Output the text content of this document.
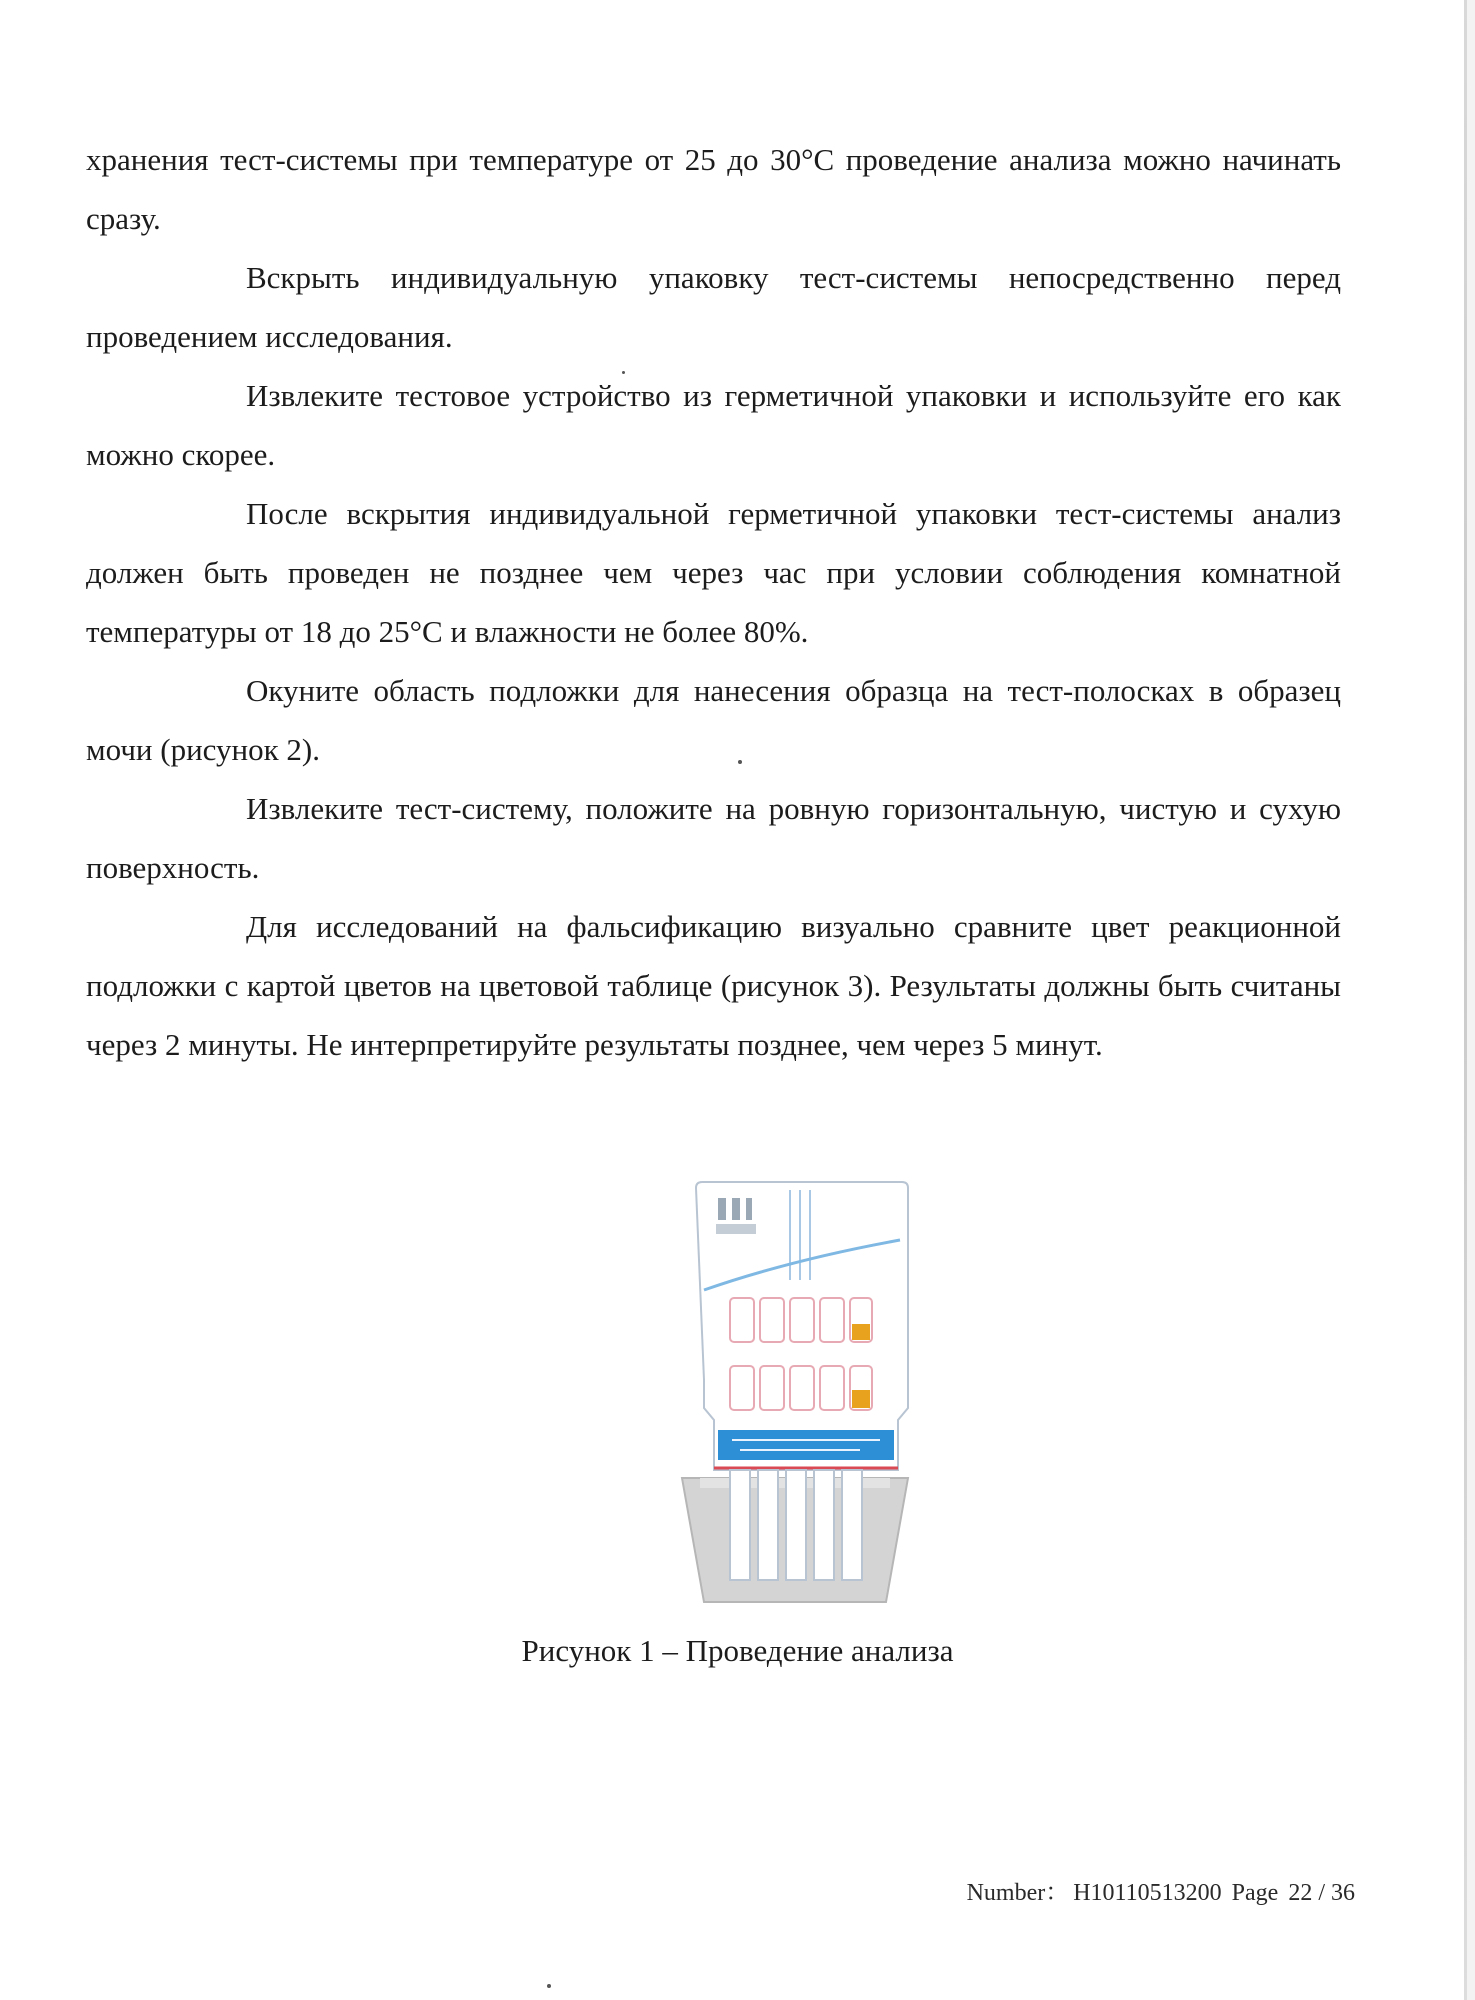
хранения тест-системы при температуре от 25 до 30°С проведение анализа можно начинать сразу.

Вскрыть индивидуальную упаковку тест-системы непосредственно перед проведением исследования.

Извлеките тестовое устройство из герметичной упаковки и используйте его как можно скорее.

После вскрытия индивидуальной герметичной упаковки тест-системы анализ должен быть проведен не позднее чем через час при условии соблюдения комнатной температуры от 18 до 25°С и влажности не более 80%.

Окуните область подложки для нанесения образца на тест-полосках в образец мочи (рисунок 2).

Извлеките тест-систему, положите на ровную горизонтальную, чистую и сухую поверхность.

Для исследований на фальсификацию визуально сравните цвет реакционной подложки с картой цветов на цветовой таблице (рисунок 3). Результаты должны быть считаны через 2 минуты. Не интерпретируйте результаты позднее, чем через 5 минут.

Рисунок 1 – Проведение анализа
Number： H10110513200 Page 22 / 36
